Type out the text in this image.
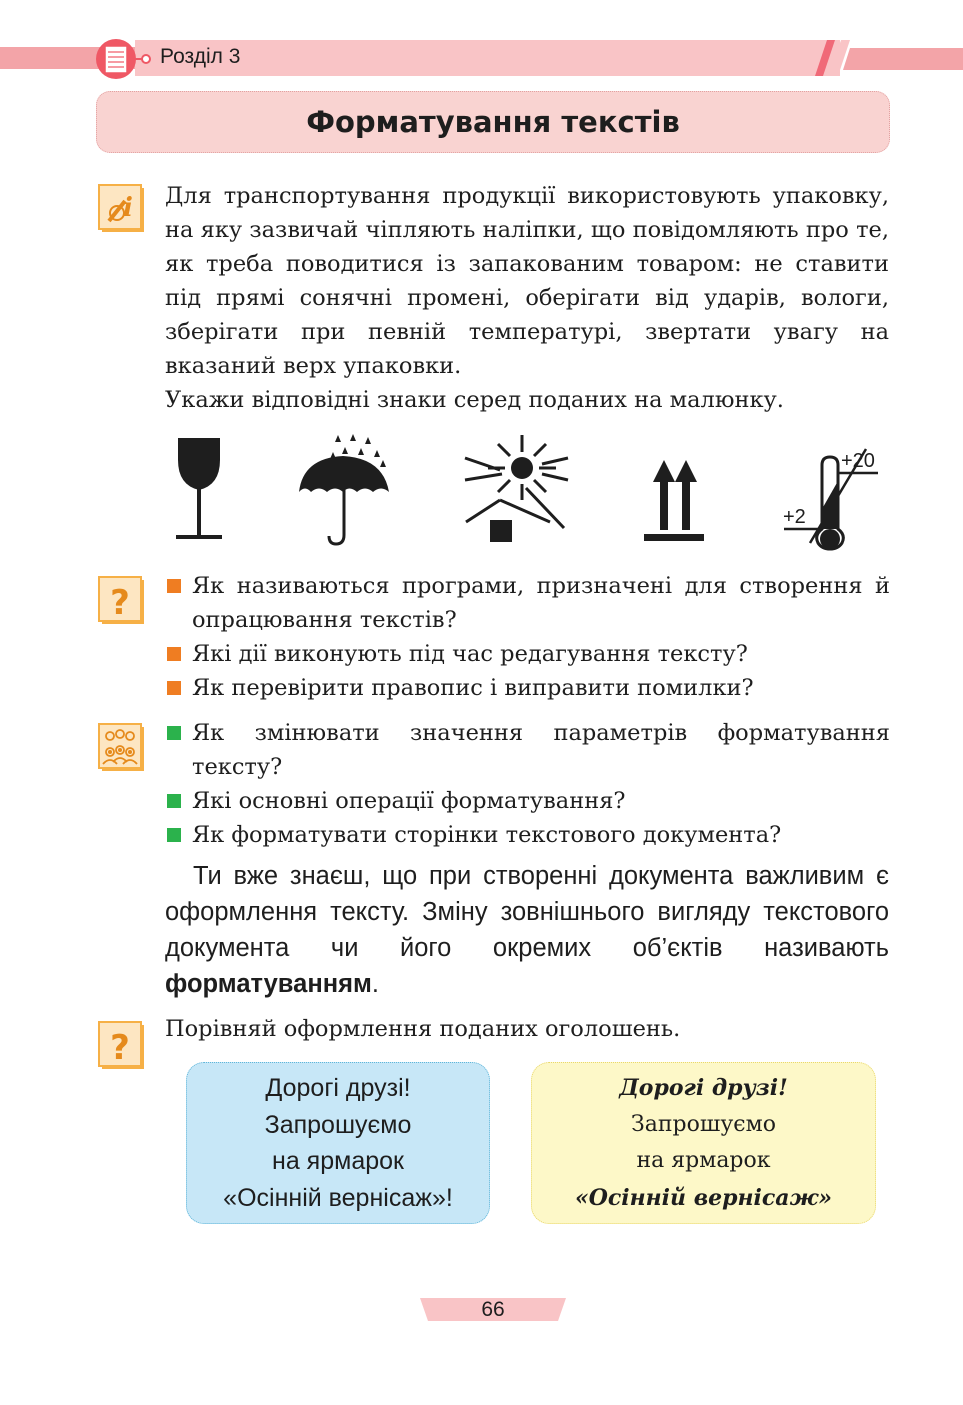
Розділ 3
Форматування текстів
i Для транспортування продукції використовують упаковку, на яку зазвичай чіпляють наліпки, що повідомляють про те, як треба поводитися із запакованим товаром: не ставити під прямі сонячні промені, оберігати від ударів, вологи, зберігати при певній температурі, звертати увагу на вказаний верх упаковки.

Укажи відповідні знаки серед поданих на малюнку.

+20
+2
?	Як називаються програми, призначені для створення й опрацювання текстів?
Які дії виконують під час редагування тексту?
Як перевірити правопис і виправити помилки?
Як змінювати значення параметрів форматування тексту?
Які основні операції форматування?
Як форматувати сторінки текстового документа?
Ти вже знаєш, що при створенні документа важливим є оформлення тексту. Зміну зовнішнього вигляду текстового документа чи його окремих об’єктів називають форматуванням.
? Порівняй оформлення поданих оголошень.
Дорогі друзі!
Запрошуємо
на ярмарок
«Осінній вернісаж»!
Дорогі друзі!
Запрошуємо
на ярмарок
«Осінній вернісаж»
66
